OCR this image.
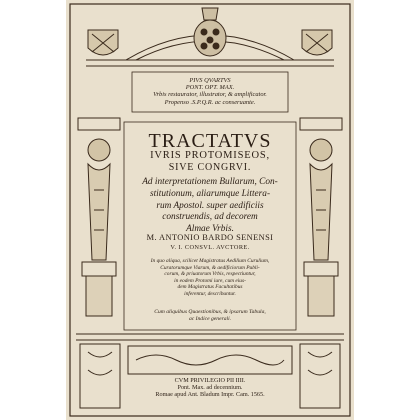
PIVS QVARTVS
PONT. OPT. MAX.
Vrbis restaurator, illustrator, & amplificator.
Propenso .S.P.Q.R. ac conseruante.
TRACTATVS
IVRIS PROTOMISEOS,
SIVE CONGRVI.
Ad interpretationem Bullarum, Con-
stitutionum, aliarumque Littera-
rum Apostol. super aedificiis
construendis, ad decorem
Almae Vrbis.
M. ANTONIO BARDO SENENSI
V. I. CONSVL. AVCTORE.
In quo aliqua, scilicet Magistratus Aedilium Curulium,
Curatorumque Viarum, & aedificiorum Publi-
corum, & priuatorum Vrbis, respectiuntur,
in eodem Protomi iure, cum eius-
dem Magistratus Facultatibus
inferentur, describuntur.
Cum aliquibus Quaestionibus, & ipsarum Tabula,
ac Indice generali.
CVM PRIVILEGIO PII IIII.
Pont. Max. ad decennium.
Romae apud Ant. Bladum Impr. Cam. 1565.
